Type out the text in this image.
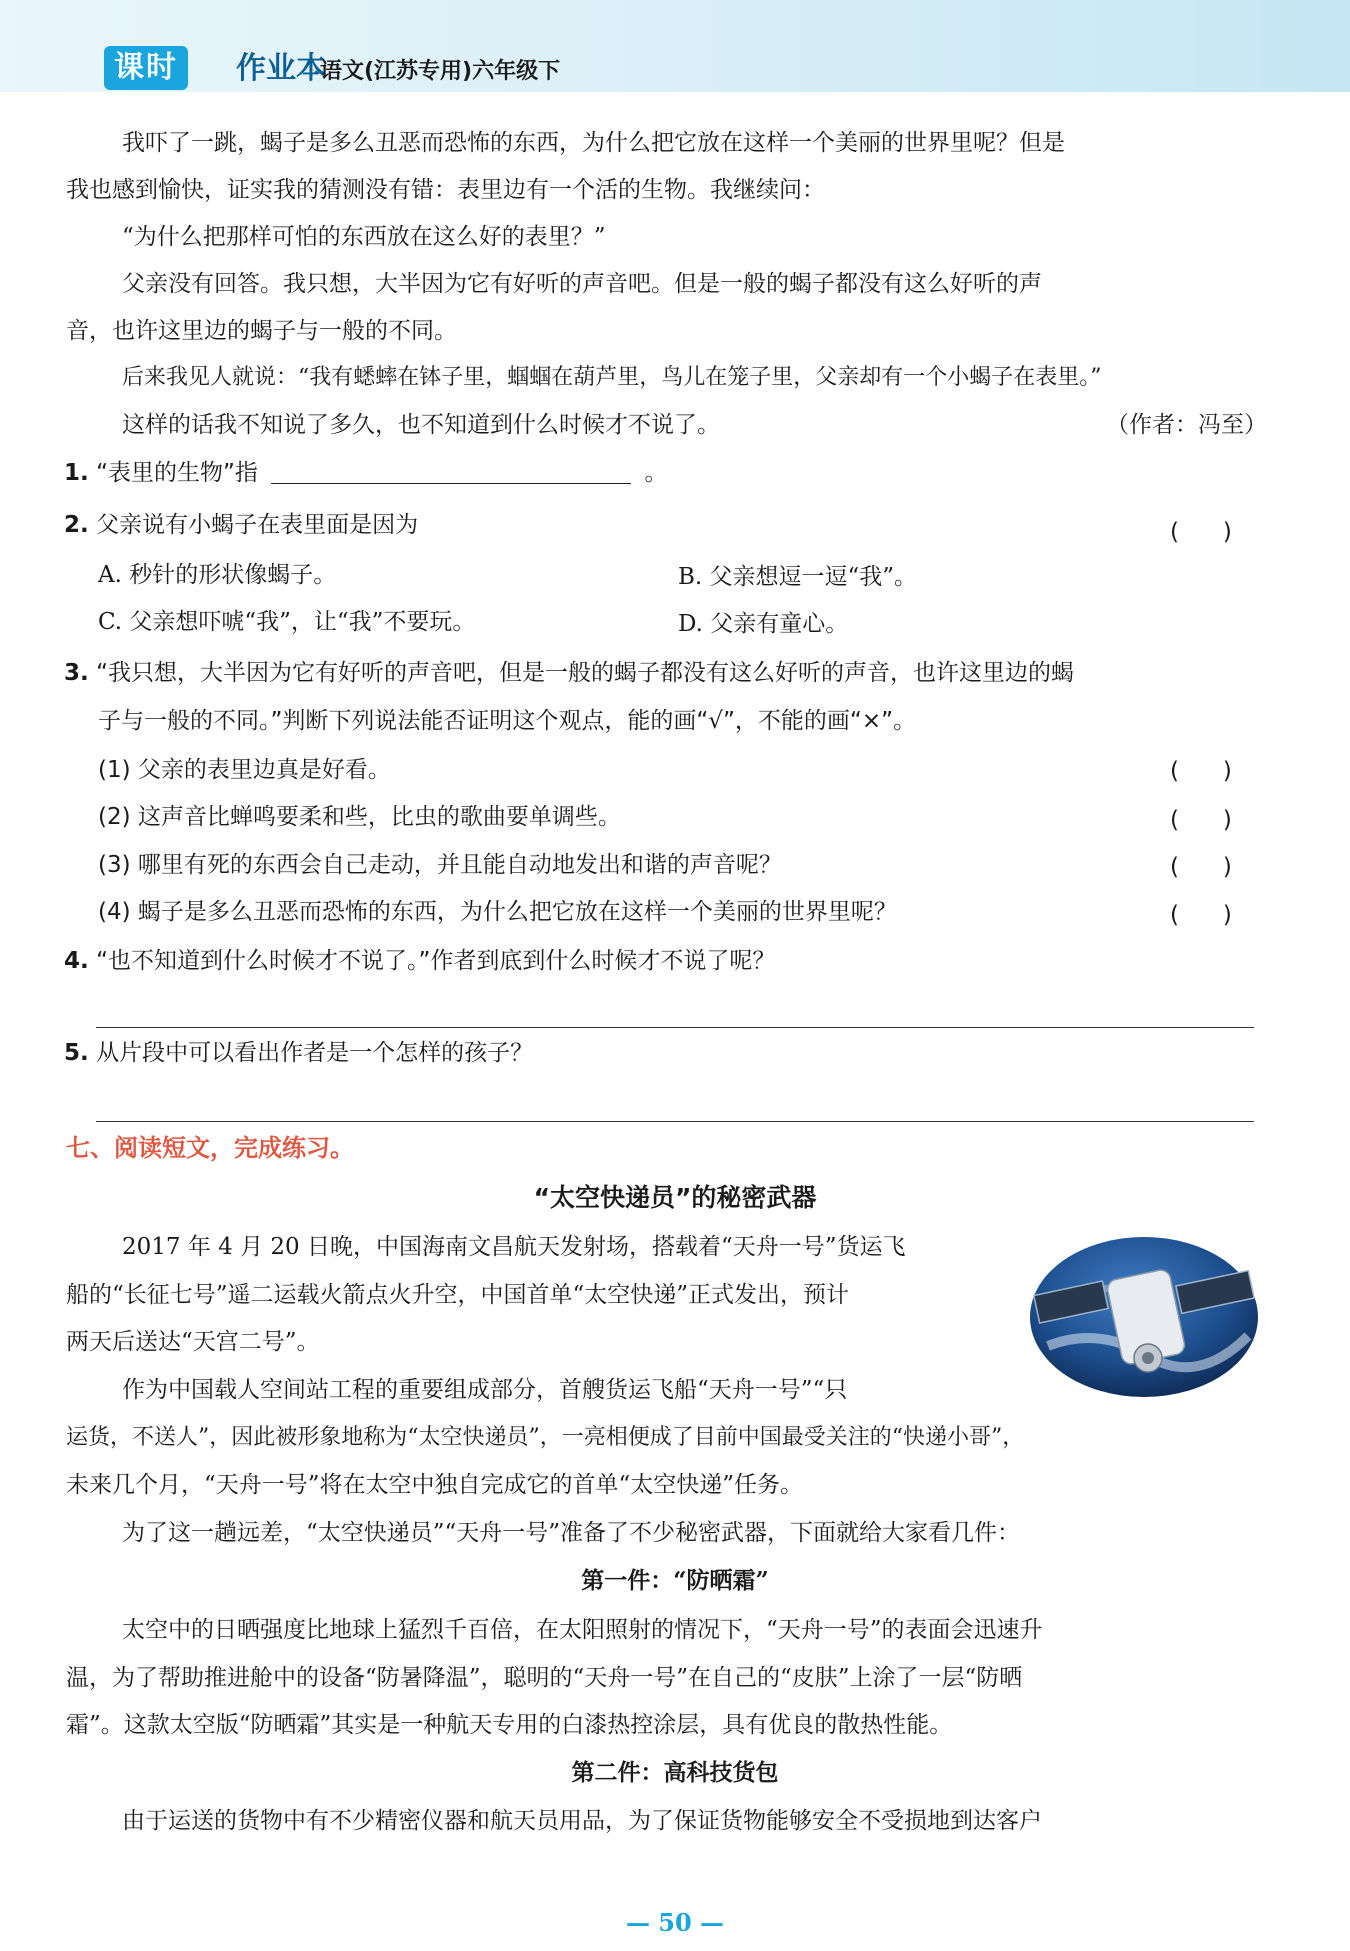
课时	作业本
语文(江苏专用)六年级下
我吓了一跳，蝎子是多么丑恶而恐怖的东西，为什么把它放在这样一个美丽的世界里呢？但是
我也感到愉快，证实我的猜测没有错：表里边有一个活的生物。我继续问：
“为什么把那样可怕的东西放在这么好的表里？”
父亲没有回答。我只想，大半因为它有好听的声音吧。但是一般的蝎子都没有这么好听的声
音，也许这里边的蝎子与一般的不同。
后来我见人就说：“我有蟋蟀在钵子里，蝈蝈在葫芦里，鸟儿在笼子里，父亲却有一个小蝎子在表里。”
这样的话我不知说了多久，也不知道到什么时候才不说了。	（作者：冯至）
1. “表里的生物”指	。
2. 父亲说有小蝎子在表里面是因为	(      )
A. 秒针的形状像蝎子。	B. 父亲想逗一逗“我”。
C. 父亲想吓唬“我”，让“我”不要玩。	D. 父亲有童心。
3. “我只想，大半因为它有好听的声音吧，但是一般的蝎子都没有这么好听的声音，也许这里边的蝎
子与一般的不同。”判断下列说法能否证明这个观点，能的画“√”，不能的画“×”。
(1) 父亲的表里边真是好看。	(      )
(2) 这声音比蝉鸣要柔和些，比虫的歌曲要单调些。	(      )
(3) 哪里有死的东西会自己走动，并且能自动地发出和谐的声音呢？	(      )
(4) 蝎子是多么丑恶而恐怖的东西，为什么把它放在这样一个美丽的世界里呢？	(      )
4. “也不知道到什么时候才不说了。”作者到底到什么时候才不说了呢？
5. 从片段中可以看出作者是一个怎样的孩子？
七、阅读短文，完成练习。
“太空快递员”的秘密武器
2017 年 4 月 20 日晚，中国海南文昌航天发射场，搭载着“天舟一号”货运飞
船的“长征七号”遥二运载火箭点火升空，中国首单“太空快递”正式发出，预计
两天后送达“天宫二号”。
作为中国载人空间站工程的重要组成部分，首艘货运飞船“天舟一号”“只
运货，不送人”，因此被形象地称为“太空快递员”，一亮相便成了目前中国最受关注的“快递小哥”，
未来几个月，“天舟一号”将在太空中独自完成它的首单“太空快递”任务。
为了这一趟远差，“太空快递员”“天舟一号”准备了不少秘密武器，下面就给大家看几件：
第一件：“防晒霜”
太空中的日晒强度比地球上猛烈千百倍，在太阳照射的情况下，“天舟一号”的表面会迅速升
温，为了帮助推进舱中的设备“防暑降温”，聪明的“天舟一号”在自己的“皮肤”上涂了一层“防晒
霜”。这款太空版“防晒霜”其实是一种航天专用的白漆热控涂层，具有优良的散热性能。
第二件：高科技货包
由于运送的货物中有不少精密仪器和航天员用品，为了保证货物能够安全不受损地到达客户
— 50 —
